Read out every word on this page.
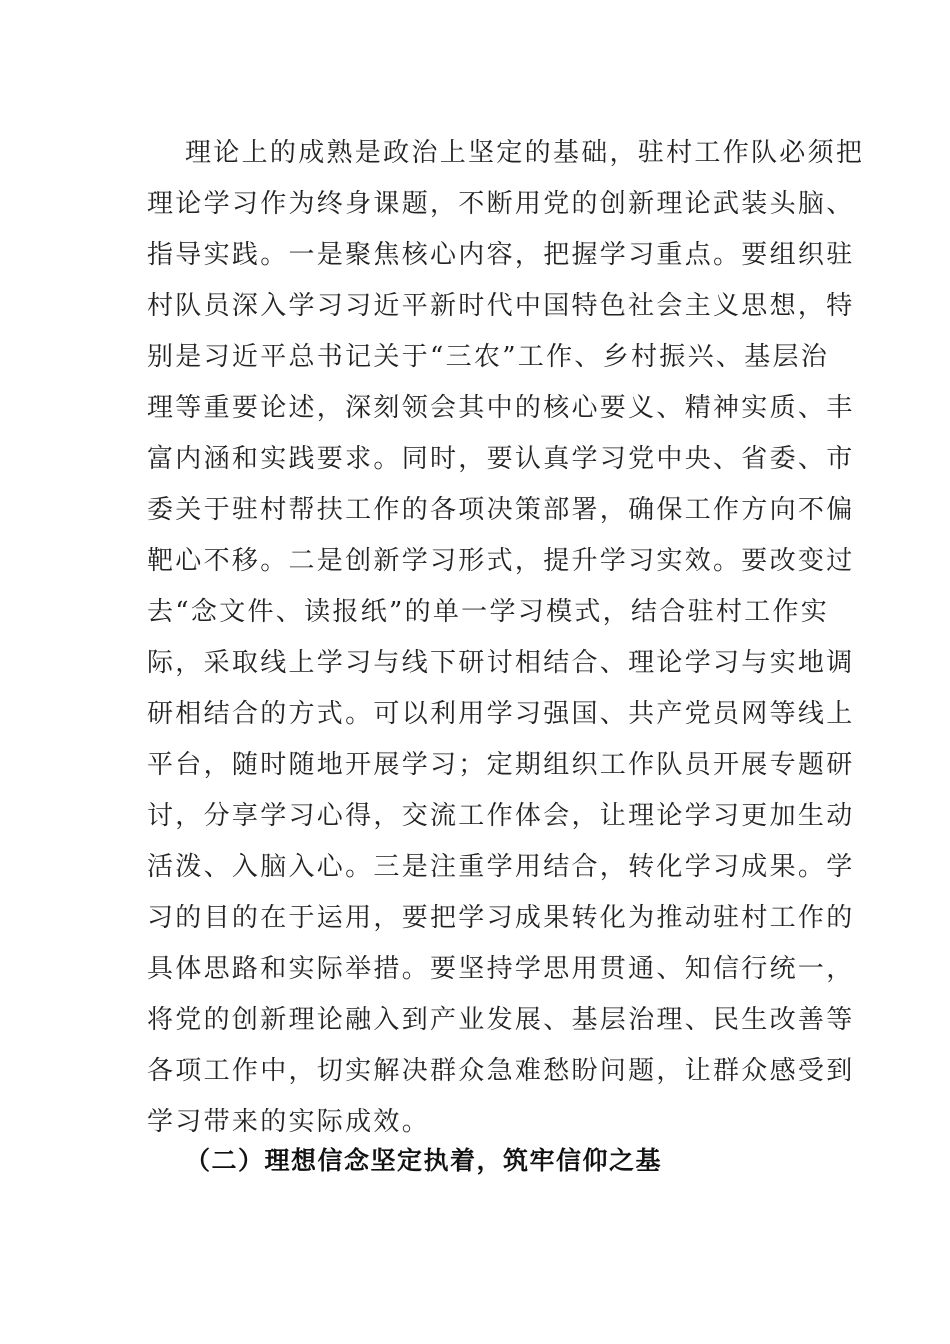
理论上的成熟是政治上坚定的基础，驻村工作队必须把
理论学习作为终身课题，不断用党的创新理论武装头脑、
指导实践。一是聚焦核心内容，把握学习重点。要组织驻
村队员深入学习习近平新时代中国特色社会主义思想，特
别是习近平总书记关于“三农”工作、乡村振兴、基层治
理等重要论述，深刻领会其中的核心要义、精神实质、丰
富内涵和实践要求。同时，要认真学习党中央、省委、市
委关于驻村帮扶工作的各项决策部署，确保工作方向不偏
靶心不移。二是创新学习形式，提升学习实效。要改变过
去“念文件、读报纸”的单一学习模式，结合驻村工作实
际，采取线上学习与线下研讨相结合、理论学习与实地调
研相结合的方式。可以利用学习强国、共产党员网等线上
平台，随时随地开展学习；定期组织工作队员开展专题研
讨，分享学习心得，交流工作体会，让理论学习更加生动
活泼、入脑入心。三是注重学用结合，转化学习成果。学
习的目的在于运用，要把学习成果转化为推动驻村工作的
具体思路和实际举措。要坚持学思用贯通、知信行统一，
将党的创新理论融入到产业发展、基层治理、民生改善等
各项工作中，切实解决群众急难愁盼问题，让群众感受到
学习带来的实际成效。
（二）理想信念坚定执着，筑牢信仰之基
